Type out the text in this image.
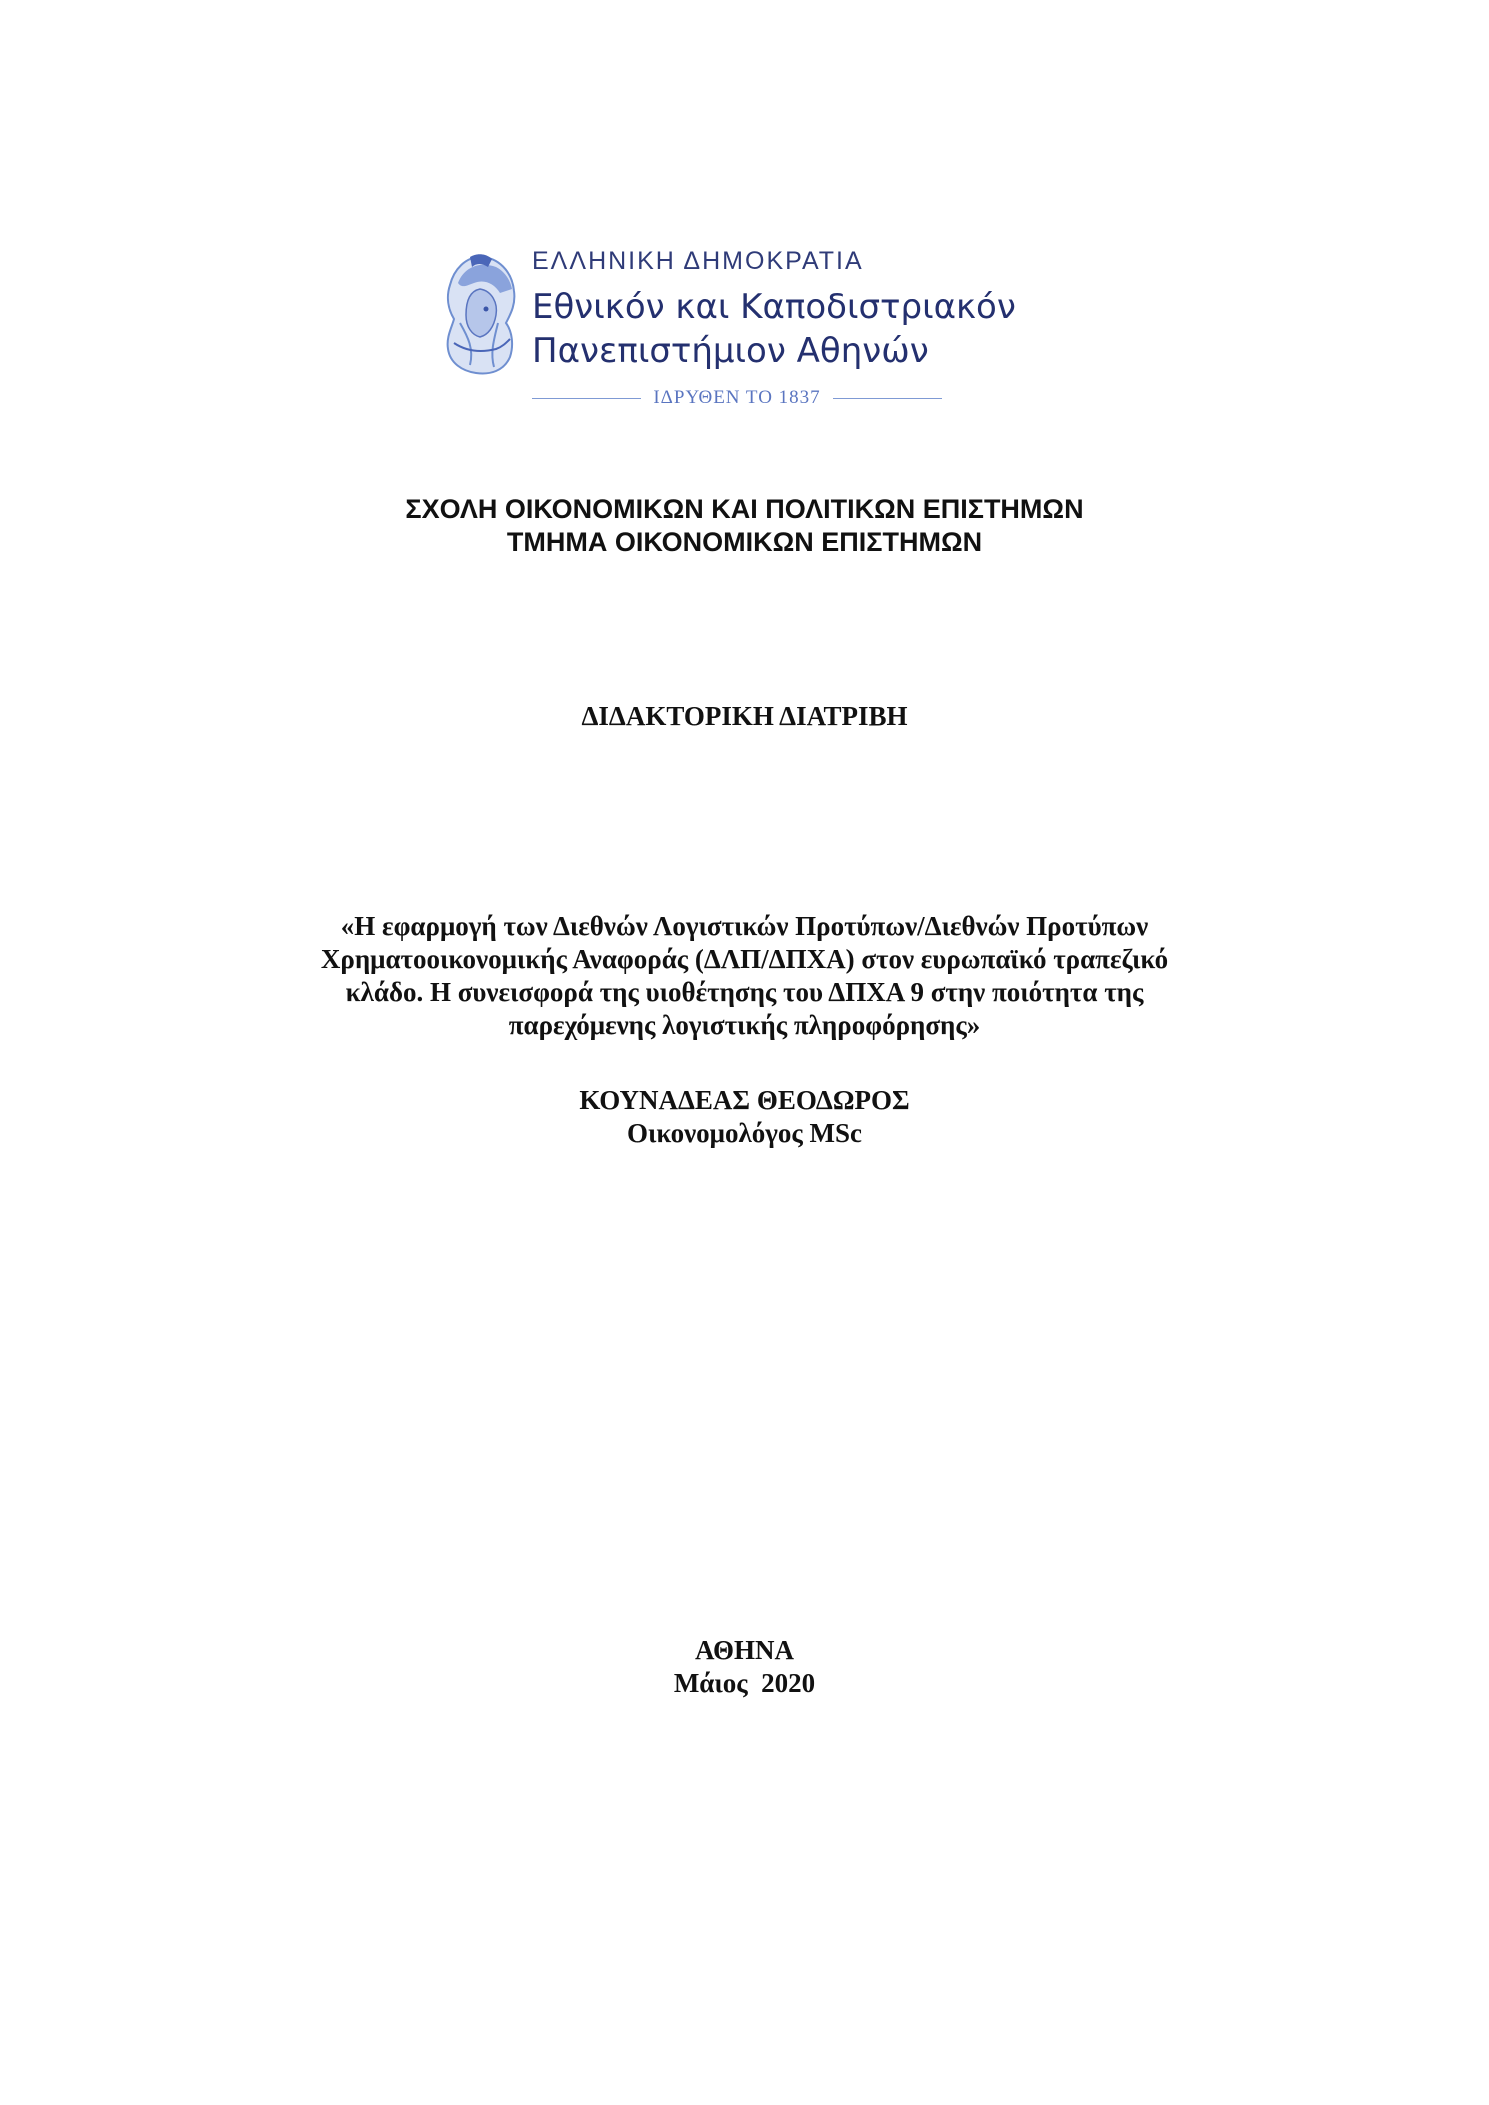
ΕΛΛΗΝΙΚΗ ΔΗΜΟΚΡΑΤΙΑ
Εθνικόν και Καποδιστριακόν
Πανεπιστήμιον Αθηνών
ΙΔΡΥΘΕΝ ΤΟ 1837
ΣΧΟΛΗ ΟΙΚΟΝΟΜΙΚΩΝ ΚΑΙ ΠΟΛΙΤΙΚΩΝ ΕΠΙΣΤΗΜΩΝ
ΤΜΗΜΑ ΟΙΚΟΝΟΜΙΚΩΝ ΕΠΙΣΤΗΜΩΝ
ΔΙΔΑΚΤΟΡΙΚΗ ΔΙΑΤΡΙΒΗ
«Η εφαρμογή των Διεθνών Λογιστικών Προτύπων/Διεθνών Προτύπων
Χρηματοοικονομικής Αναφοράς (ΔΛΠ/ΔΠΧΑ) στον ευρωπαϊκό τραπεζικό
κλάδο. Η συνεισφορά της υιοθέτησης του ΔΠΧΑ 9 στην ποιότητα της
παρεχόμενης λογιστικής πληροφόρησης»
ΚΟΥΝΑΔΕΑΣ ΘΕΟΔΩΡΟΣ
Οικονομολόγος MSc
ΑΘΗΝΑ
Μάιος  2020
